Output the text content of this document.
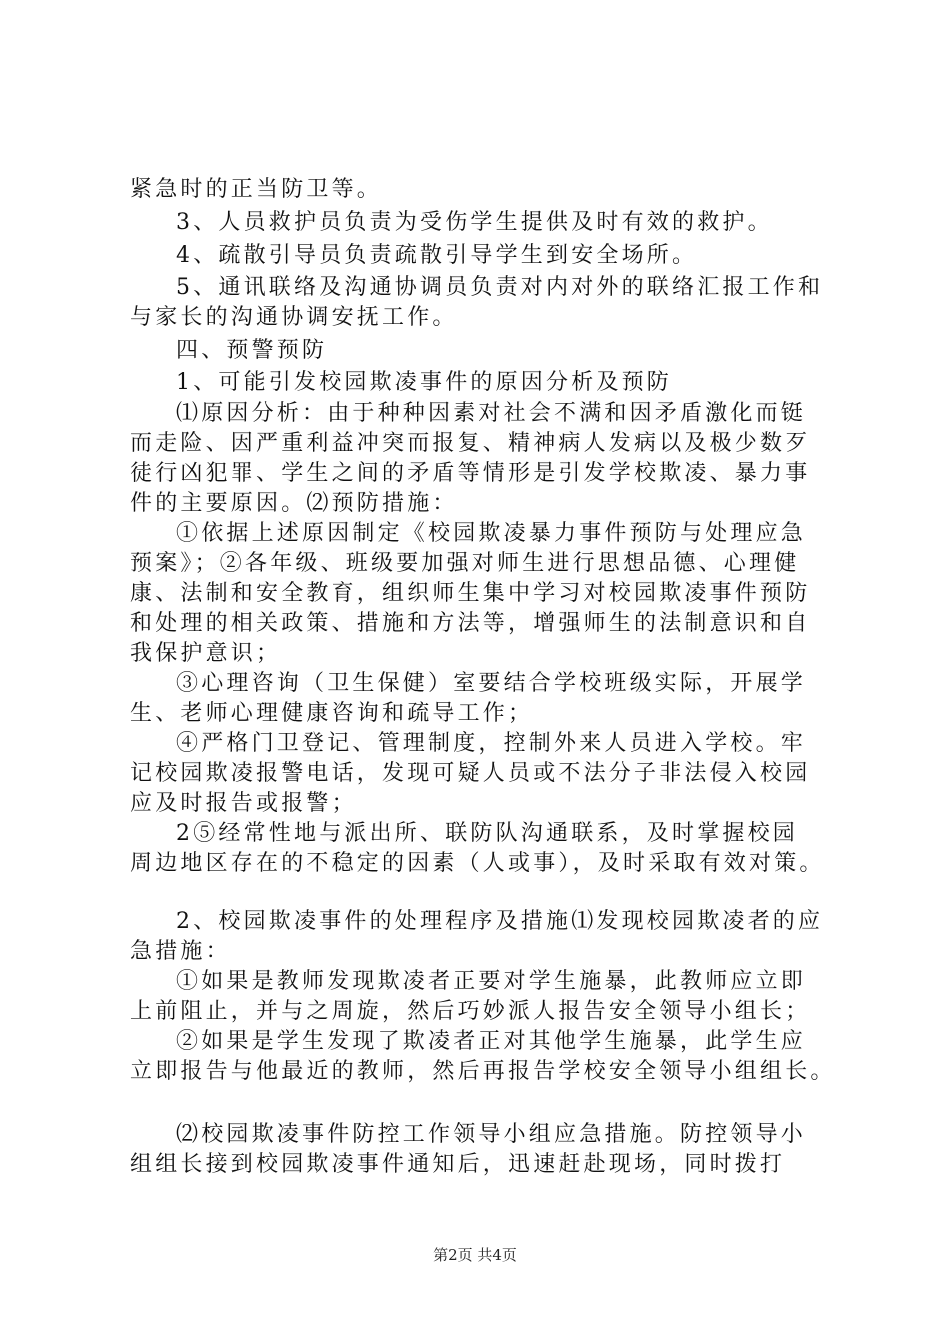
紧急时的正当防卫等。
3、人员救护员负责为受伤学生提供及时有效的救护。
4、疏散引导员负责疏散引导学生到安全场所。
5、通讯联络及沟通协调员负责对内对外的联络汇报工作和
与家长的沟通协调安抚工作。
四、预警预防
1、可能引发校园欺凌事件的原因分析及预防
⑴原因分析：由于种种因素对社会不满和因矛盾激化而铤
而走险、因严重利益冲突而报复、精神病人发病以及极少数歹
徒行凶犯罪、学生之间的矛盾等情形是引发学校欺凌、暴力事
件的主要原因。⑵预防措施：
①依据上述原因制定《校园欺凌暴力事件预防与处理应急
预案》；②各年级、班级要加强对师生进行思想品德、心理健
康、法制和安全教育，组织师生集中学习对校园欺凌事件预防
和处理的相关政策、措施和方法等，增强师生的法制意识和自
我保护意识；
③心理咨询（卫生保健）室要结合学校班级实际，开展学
生、老师心理健康咨询和疏导工作；
④严格门卫登记、管理制度，控制外来人员进入学校。牢
记校园欺凌报警电话，发现可疑人员或不法分子非法侵入校园
应及时报告或报警；
2⑤经常性地与派出所、联防队沟通联系，及时掌握校园
周边地区存在的不稳定的因素（人或事），及时采取有效对策。
2、校园欺凌事件的处理程序及措施⑴发现校园欺凌者的应
急措施：
①如果是教师发现欺凌者正要对学生施暴，此教师应立即
上前阻止，并与之周旋，然后巧妙派人报告安全领导小组长；
②如果是学生发现了欺凌者正对其他学生施暴，此学生应
立即报告与他最近的教师，然后再报告学校安全领导小组组长。
⑵校园欺凌事件防控工作领导小组应急措施。防控领导小
组组长接到校园欺凌事件通知后，迅速赶赴现场，同时拨打
第2页 共4页
